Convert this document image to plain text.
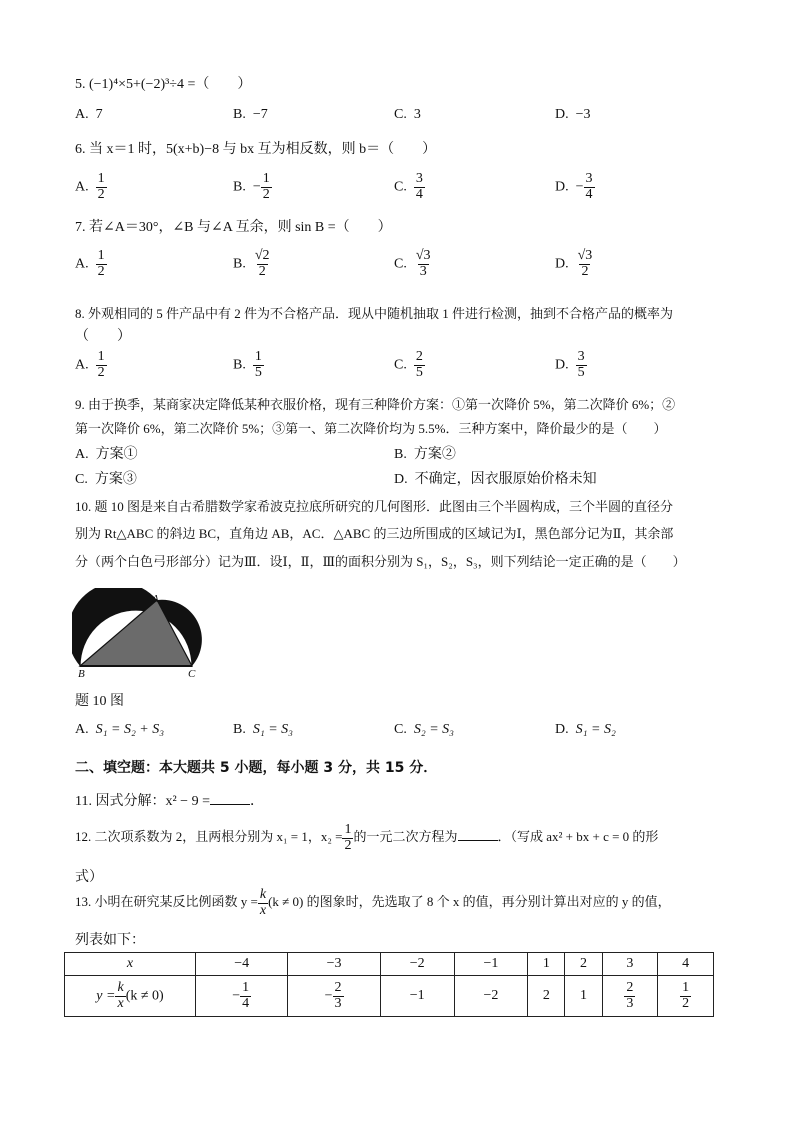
5. (−1)⁴×5+(−2)³÷4 =（　　）
A. 7	B. −7	C. 3	D. −3
6. 当 x＝1 时，5(x+b)−8 与 bx 互为相反数，则 b＝（　　）
A. $\frac{1}{2}$	B. − $\frac{1}{2}$	C. $\frac{3}{4}$	D. − $\frac{3}{4}$
7. 若∠A＝30°，∠B 与∠A 互余，则 sin B =（　　）
A. $\frac{1}{2}$	B. $\frac{√2}{2}$	C. $\frac{√3}{3}$	D. $\frac{√3}{2}$
8. 外观相同的 5 件产品中有 2 件为不合格产品．现从中随机抽取 1 件进行检测，抽到不合格产品的概率为
（　　）
A. $\frac{1}{2}$	B. $\frac{1}{5}$	C. $\frac{2}{5}$	D. $\frac{3}{5}$
9. 由于换季，某商家决定降低某种衣服价格，现有三种降价方案：①第一次降价 5%，第二次降价 6%；②
第一次降价 6%，第二次降价 5%；③第一、第二次降价均为 5.5%．三种方案中，降价最少的是（　　）
A. 方案①	B. 方案②
C. 方案③	D. 不确定，因衣服原始价格未知
10. 题 10 图是来自古希腊数学家希波克拉底所研究的几何图形．此图由三个半圆构成，三个半圆的直径分
别为 Rt△ABC 的斜边 BC，直角边 AB，AC．△ABC 的三边所围成的区域记为Ⅰ，黑色部分记为Ⅱ，其余部
分（两个白色弓形部分）记为Ⅲ．设Ⅰ，Ⅱ，Ⅲ的面积分别为 S₁，S₂，S₃，则下列结论一定正确的是（　　）
A
B	C
题 10 图
A. S₁ = S₂ + S₃	B. S₁ = S₃	C. S₂ = S₃	D. S₁ = S₂
二、填空题：本大题共 5 小题，每小题 3 分，共 15 分．
11. 因式分解：x² − 9 =	．
12. 二次项系数为 2，且两根分别为 x₁ = 1，$x_2 = \frac{1}{2}$ 的一元二次方程为	．（写成 ax² + bx + c = 0 的形
式）
13. 小明在研究某反比例函数 $y = \frac{k}{x} (k \ne 0)$ 的图象时，先选取了 8 个 x 的值，再分别计算出对应的 y 的值，
列表如下：
x	−4	−3	−2	−1	1	2	3	4
$y = \frac{k}{x} (k \ne 0)$	− $\frac{1}{4}$	− $\frac{2}{3}$	−1	−2	2	1	$\frac{2}{3}$	$\frac{1}{2}$
